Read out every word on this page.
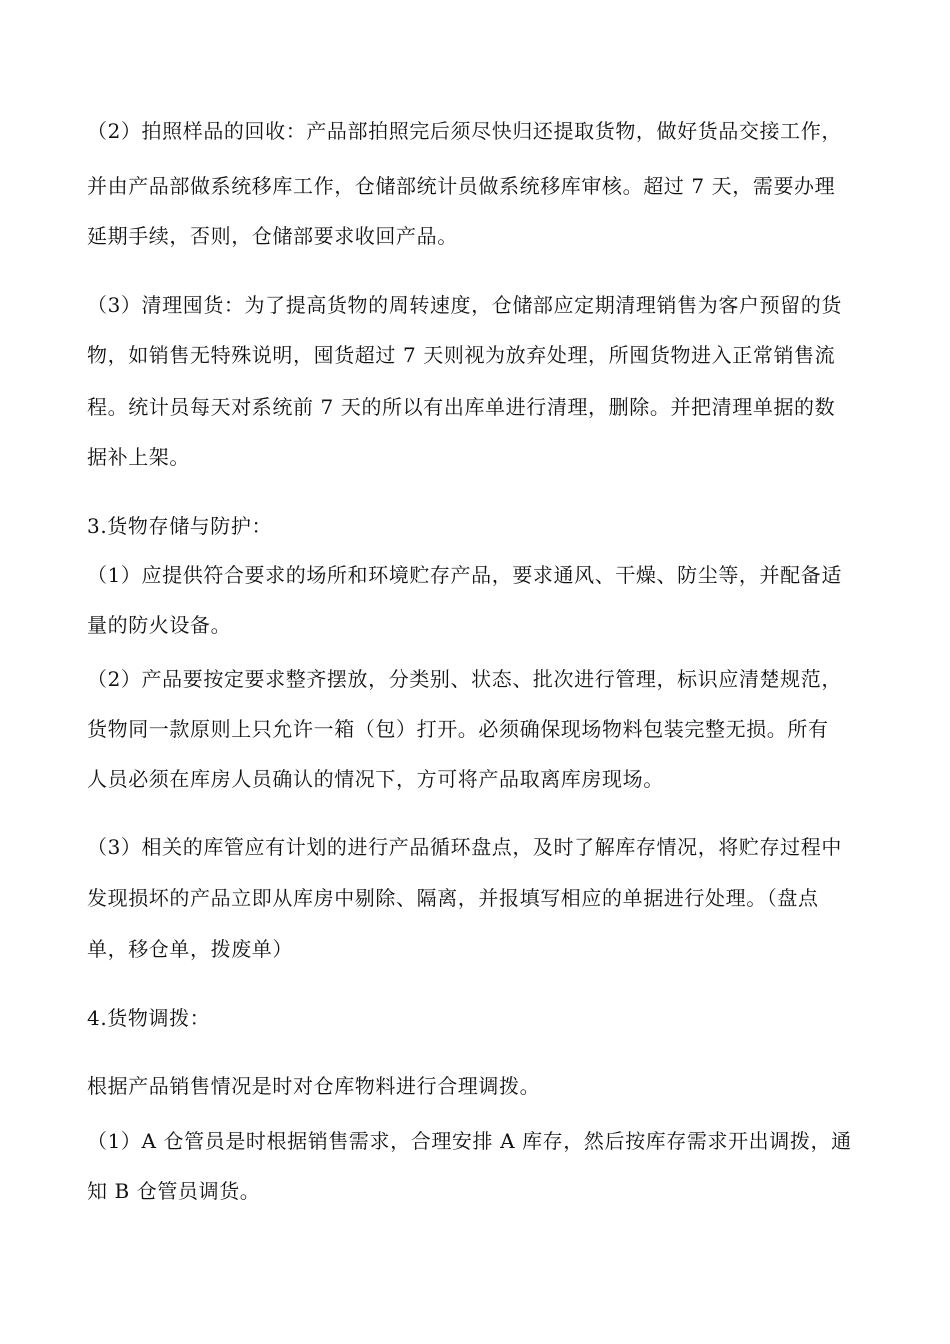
（2）拍照样品的回收：产品部拍照完后须尽快归还提取货物，做好货品交接工作，
并由产品部做系统移库工作，仓储部统计员做系统移库审核。超过 7 天，需要办理
延期手续，否则，仓储部要求收回产品。
（3）清理囤货：为了提高货物的周转速度，仓储部应定期清理销售为客户预留的货
物，如销售无特殊说明，囤货超过 7 天则视为放弃处理，所囤货物进入正常销售流
程。统计员每天对系统前 7 天的所以有出库单进行清理，删除。并把清理单据的数
据补上架。
3.货物存储与防护：
（1）应提供符合要求的场所和环境贮存产品，要求通风、干燥、防尘等，并配备适
量的防火设备。
（2）产品要按定要求整齐摆放，分类别、状态、批次进行管理，标识应清楚规范，
货物同一款原则上只允许一箱（包）打开。必须确保现场物料包装完整无损。所有
人员必须在库房人员确认的情况下，方可将产品取离库房现场。
（3）相关的库管应有计划的进行产品循环盘点，及时了解库存情况，将贮存过程中
发现损坏的产品立即从库房中剔除、隔离，并报填写相应的单据进行处理。（盘点
单，移仓单，拨废单）
4.货物调拨：
根据产品销售情况是时对仓库物料进行合理调拨。
（1）A 仓管员是时根据销售需求，合理安排 A 库存，然后按库存需求开出调拨，通
知 B 仓管员调货。
